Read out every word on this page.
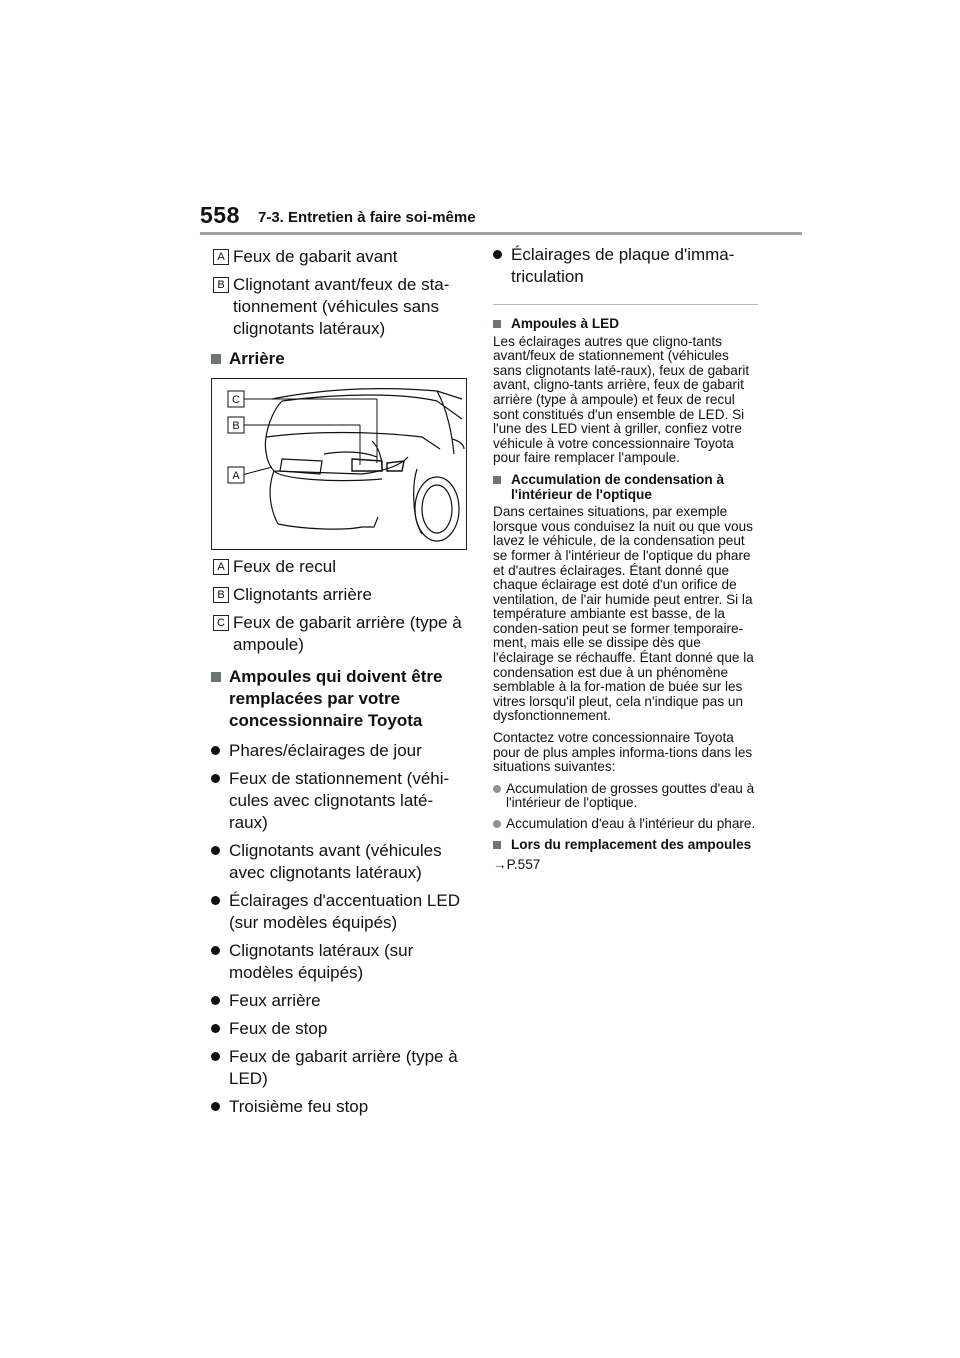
558 7-3. Entretien à faire soi-même
A Feux de gabarit avant
B Clignotant avant/feux de sta-tionnement (véhicules sans clignotants latéraux)
Arrière
C
B
A
A Feux de recul
B Clignotants arrière
C Feux de gabarit arrière (type à ampoule)
Ampoules qui doivent être remplacées par votre concessionnaire Toyota
Phares/éclairages de jour
Feux de stationnement (véhi-cules avec clignotants laté-raux)
Clignotants avant (véhicules avec clignotants latéraux)
Éclairages d'accentuation LED (sur modèles équipés)
Clignotants latéraux (sur modèles équipés)
Feux arrière
Feux de stop
Feux de gabarit arrière (type à LED)
Troisième feu stop
Éclairages de plaque d'imma-triculation
Ampoules à LED
Les éclairages autres que cligno-tants avant/feux de stationnement (véhicules sans clignotants laté-raux), feux de gabarit avant, cligno-tants arrière, feux de gabarit arrière (type à ampoule) et feux de recul sont constitués d'un ensemble de LED. Si l'une des LED vient à griller, confiez votre véhicule à votre concessionnaire Toyota pour faire remplacer l'ampoule.
Accumulation de condensation à l'intérieur de l'optique
Dans certaines situations, par exemple lorsque vous conduisez la nuit ou que vous lavez le véhicule, de la condensation peut se former à l'intérieur de l'optique du phare et d'autres éclairages. Étant donné que chaque éclairage est doté d'un orifice de ventilation, de l'air humide peut entrer. Si la température ambiante est basse, de la conden-sation peut se former temporaire-ment, mais elle se dissipe dès que l'éclairage se réchauffe. Étant donné que la condensation est due à un phénomène semblable à la for-mation de buée sur les vitres lorsqu'il pleut, cela n'indique pas un dysfonctionnement.
Contactez votre concessionnaire Toyota pour de plus amples informa-tions dans les situations suivantes:
Accumulation de grosses gouttes d'eau à l'intérieur de l'optique.
Accumulation d'eau à l'intérieur du phare.
Lors du remplacement des ampoules
→P.557
